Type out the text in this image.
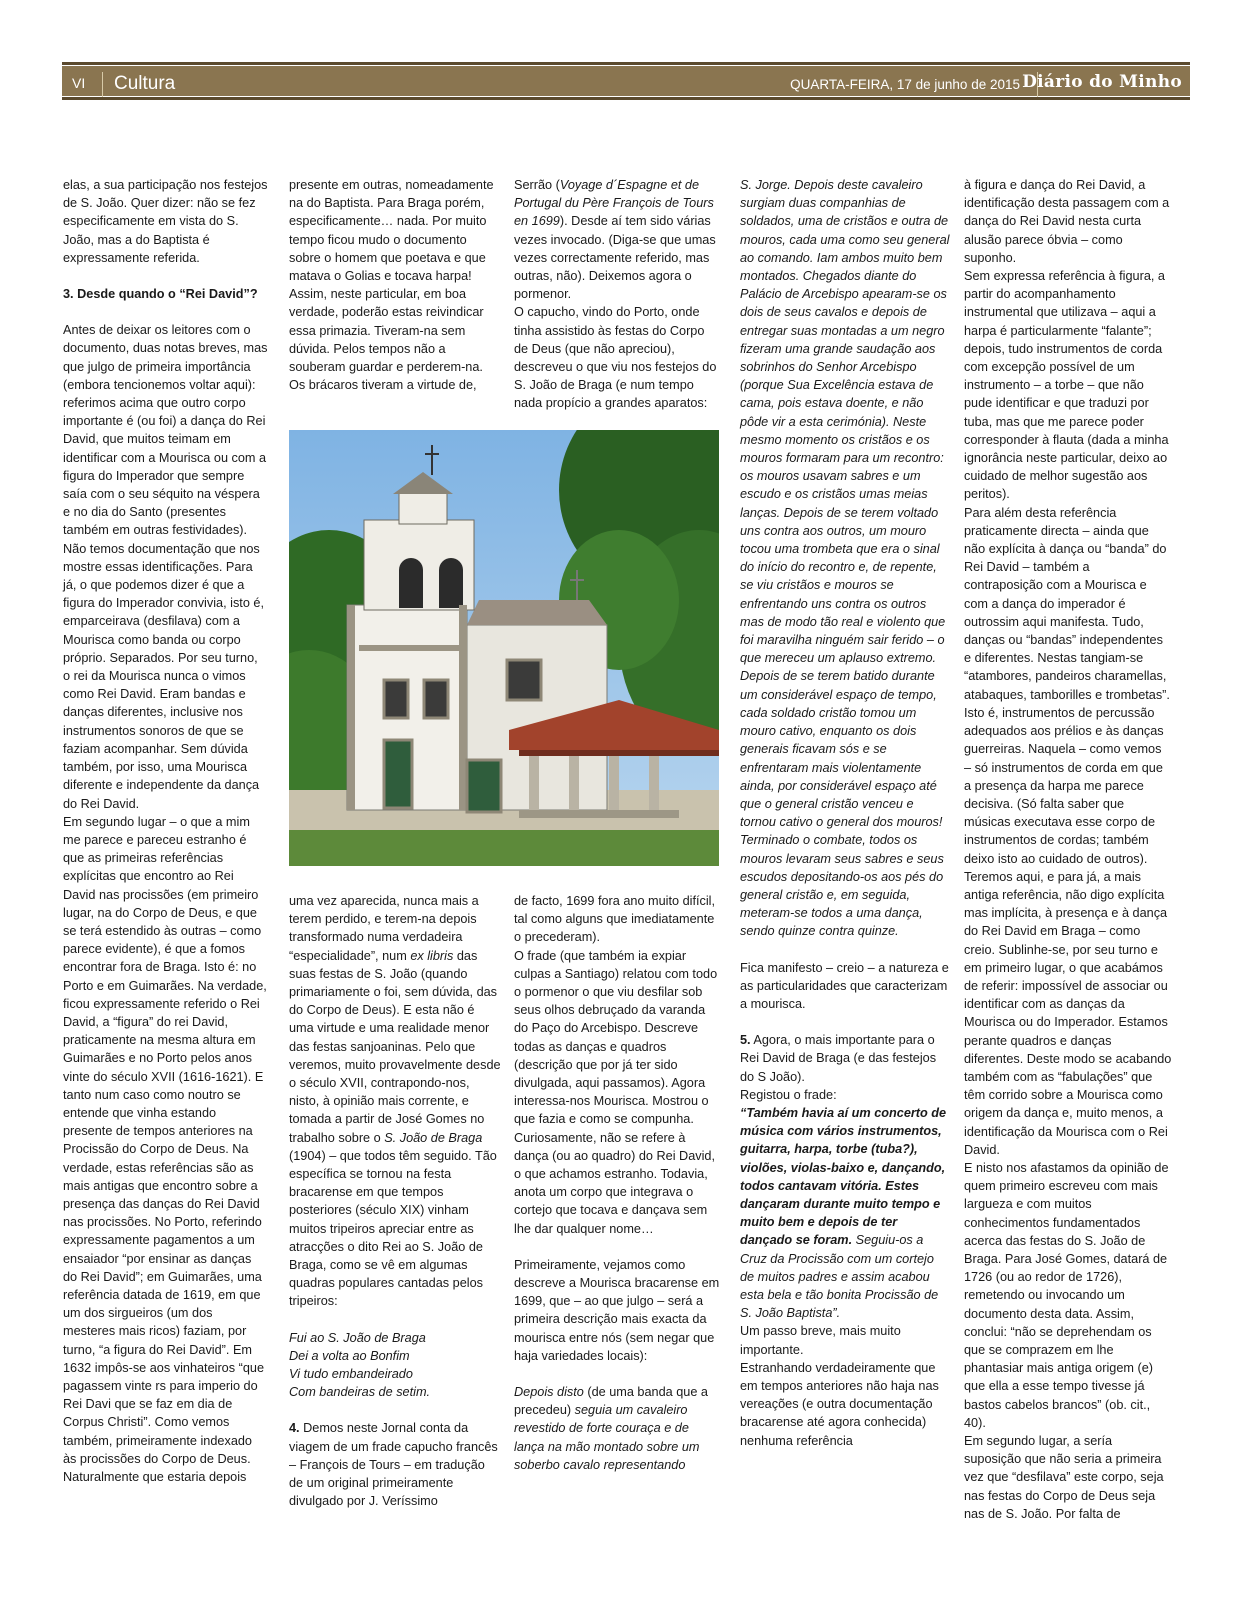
VI Cultura	QUARTA-FEIRA, 17 de junho de 2015 Diário do Minho

elas, a sua participação nos festejos de S. João. Quer dizer: não se fez especificamente em vista do S. João, mas a do Baptista é expressamente referida.

3. Desde quando o “Rei David”?

Antes de deixar os leitores com o documento, duas notas breves, mas que julgo de primeira importância (embora tencionemos voltar aqui): referimos acima que outro corpo importante é (ou foi) a dança do Rei David, que muitos teimam em identificar com a Mourisca ou com a figura do Imperador que sempre saía com o seu séquito na véspera e no dia do Santo (presentes também em outras festividades).

Não temos documentação que nos mostre essas identificações. Para já, o que podemos dizer é que a figura do Imperador convivia, isto é, emparceirava (desfilava) com a Mourisca como banda ou corpo próprio. Separados. Por seu turno, o rei da Mourisca nunca o vimos como Rei David. Eram bandas e danças diferentes, inclusive nos instrumentos sonoros de que se faziam acompanhar. Sem dúvida também, por isso, uma Mourisca diferente e independente da dança do Rei David.

Em segundo lugar – o que a mim me parece e pareceu estranho é que as primeiras referências explícitas que encontro ao Rei David nas procissões (em primeiro lugar, na do Corpo de Deus, e que se terá estendido às outras – como parece evidente), é que a fomos encontrar fora de Braga. Isto é: no Porto e em Guimarães. Na verdade, ficou expressamente referido o Rei David, a “figura” do rei David, praticamente na mesma altura em Guimarães e no Porto pelos anos vinte do século XVII (1616-1621). E tanto num caso como noutro se entende que vinha estando presente de tempos anteriores na Procissão do Corpo de Deus. Na verdade, estas referências são as mais antigas que encontro sobre a presença das danças do Rei David nas procissões. No Porto, referindo expressamente pagamentos a um ensaiador “por ensinar as danças do Rei David”; em Guimarães, uma referência datada de 1619, em que um dos sirgueiros (um dos mesteres mais ricos) faziam, por turno, “a figura do Rei David”. Em 1632 impôs-se aos vinhateiros “que pagassem vinte rs para imperio do Rei Davi que se faz em dia de Corpus Christi”. Como vemos também, primeiramente indexado às procissões do Corpo de Deus. Naturalmente que estaria depois

presente em outras, nomeadamente na do Baptista. Para Braga porém, especificamente… nada. Por muito tempo ficou mudo o documento sobre o homem que poetava e que matava o Golias e tocava harpa!

Assim, neste particular, em boa verdade, poderão estas reivindicar essa primazia. Tiveram-na sem dúvida. Pelos tempos não a souberam guardar e perderem-na. Os brácaros tiveram a virtude de,

Serrão (Voyage d´Espagne et de Portugal du Père François de Tours en 1699). Desde aí tem sido várias vezes invocado. (Diga-se que umas vezes correctamente referido, mas outras, não). Deixemos agora o pormenor.

O capucho, vindo do Porto, onde tinha assistido às festas do Corpo de Deus (que não apreciou), descreveu o que viu nos festejos do S. João de Braga (e num tempo nada propício a grandes aparatos:

uma vez aparecida, nunca mais a terem perdido, e terem-na depois transformado numa verdadeira “especialidade”, num ex libris das suas festas de S. João (quando primariamente o foi, sem dúvida, das do Corpo de Deus). E esta não é uma virtude e uma realidade menor das festas sanjoaninas. Pelo que veremos, muito provavelmente desde o século XVII, contrapondo-nos, nisto, à opinião mais corrente, e tomada a partir de José Gomes no trabalho sobre o S. João de Braga (1904) – que todos têm seguido. Tão específica se tornou na festa bracarense em que tempos posteriores (século XIX) vinham muitos tripeiros apreciar entre as atracções o dito Rei ao S. João de Braga, como se vê em algumas quadras populares cantadas pelos tripeiros:

Fui ao S. João de Braga

Dei a volta ao Bonfim

Vi tudo embandeirado

Com bandeiras de setim.

4. Demos neste Jornal conta da viagem de um frade capucho francês – François de Tours – em tradução de um original primeiramente divulgado por J. Veríssimo

de facto, 1699 fora ano muito difícil, tal como alguns que imediatamente o precederam).

O frade (que também ia expiar culpas a Santiago) relatou com todo o pormenor o que viu desfilar sob seus olhos debruçado da varanda do Paço do Arcebispo. Descreve todas as danças e quadros (descrição que por já ter sido divulgada, aqui passamos). Agora interessa-nos Mourisca. Mostrou o que fazia e como se compunha. Curiosamente, não se refere à dança (ou ao quadro) do Rei David, o que achamos estranho. Todavia, anota um corpo que integrava o cortejo que tocava e dançava sem lhe dar qualquer nome…

Primeiramente, vejamos como descreve a Mourisca bracarense em 1699, que – ao que julgo – será a primeira descrição mais exacta da mourisca entre nós (sem negar que haja variedades locais):

Depois disto (de uma banda que a precedeu) seguia um cavaleiro revestido de forte couraça e de lança na mão montado sobre um soberbo cavalo representando

S. Jorge. Depois deste cavaleiro surgiam duas companhias de soldados, uma de cristãos e outra de mouros, cada uma como seu general ao comando. Iam ambos muito bem montados. Chegados diante do Palácio de Arcebispo apearam-se os dois de seus cavalos e depois de entregar suas montadas a um negro fizeram uma grande saudação aos sobrinhos do Senhor Arcebispo (porque Sua Excelência estava de cama, pois estava doente, e não pôde vir a esta cerimónia). Neste mesmo momento os cristãos e os mouros formaram para um recontro: os mouros usavam sabres e um escudo e os cristãos umas meias lanças. Depois de se terem voltado uns contra aos outros, um mouro tocou uma trombeta que era o sinal do início do recontro e, de repente, se viu cristãos e mouros se enfrentando uns contra os outros mas de modo tão real e violento que foi maravilha ninguém sair ferido – o que mereceu um aplauso extremo. Depois de se terem batido durante um considerável espaço de tempo, cada soldado cristão tomou um mouro cativo, enquanto os dois generais ficavam sós e se enfrentaram mais violentamente ainda, por considerável espaço até que o general cristão venceu e tornou cativo o general dos mouros! Terminado o combate, todos os mouros levaram seus sabres e seus escudos depositando-os aos pés do general cristão e, em seguida, meteram-se todos a uma dança, sendo quinze contra quinze.

Fica manifesto – creio – a natureza e as particularidades que caracterizam a mourisca.

5. Agora, o mais importante para o Rei David de Braga (e das festejos do S João).

Registou o frade:

“Também havia aí um concerto de música com vários instrumentos, guitarra, harpa, torbe (tuba?), violões, violas-baixo e, dançando, todos cantavam vitória. Estes dançaram durante muito tempo e muito bem e depois de ter dançado se foram. Seguiu-os a Cruz da Procissão com um cortejo de muitos padres e assim acabou esta bela e tão bonita Procissão de S. João Baptista”.

Um passo breve, mais muito importante.

Estranhando verdadeiramente que em tempos anteriores não haja nas vereações (e outra documentação bracarense até agora conhecida) nenhuma referência

à figura e dança do Rei David, a identificação desta passagem com a dança do Rei David nesta curta alusão parece óbvia – como suponho.

Sem expressa referência à figura, a partir do acompanhamento instrumental que utilizava – aqui a harpa é particularmente “falante”; depois, tudo instrumentos de corda com excepção possível de um instrumento – a torbe – que não pude identificar e que traduzi por tuba, mas que me parece poder corresponder à flauta (dada a minha ignorância neste particular, deixo ao cuidado de melhor sugestão aos peritos).

Para além desta referência praticamente directa – ainda que não explícita à dança ou “banda” do Rei David – também a contraposição com a Mourisca e com a dança do imperador é outrossim aqui manifesta. Tudo, danças ou “bandas” independentes e diferentes. Nestas tangiam-se “atambores, pandeiros charamellas, atabaques, tamborilles e trombetas”. Isto é, instrumentos de percussão adequados aos prélios e às danças guerreiras. Naquela – como vemos – só instrumentos de corda em que a presença da harpa me parece decisiva. (Só falta saber que músicas executava esse corpo de instrumentos de cordas; também deixo isto ao cuidado de outros).

Teremos aqui, e para já, a mais antiga referência, não digo explícita mas implícita, à presença e à dança do Rei David em Braga – como creio. Sublinhe-se, por seu turno e em primeiro lugar, o que acabámos de referir: impossível de associar ou identificar com as danças da Mourisca ou do Imperador. Estamos perante quadros e danças diferentes. Deste modo se acabando também com as “fabulações” que têm corrido sobre a Mourisca como origem da dança e, muito menos, a identificação da Mourisca com o Rei David.

E nisto nos afastamos da opinião de quem primeiro escreveu com mais largueza e com muitos conhecimentos fundamentados acerca das festas do S. João de Braga. Para José Gomes, datará de 1726 (ou ao redor de 1726), remetendo ou invocando um documento desta data. Assim, conclui: “não se deprehendam os que se comprazem em lhe phantasiar mais antiga origem (e) que ella a esse tempo tivesse já bastos cabelos brancos” (ob. cit., 40).

Em segundo lugar, a sería suposição que não seria a primeira vez que “desfilava” este corpo, seja nas festas do Corpo de Deus seja nas de S. João. Por falta de
